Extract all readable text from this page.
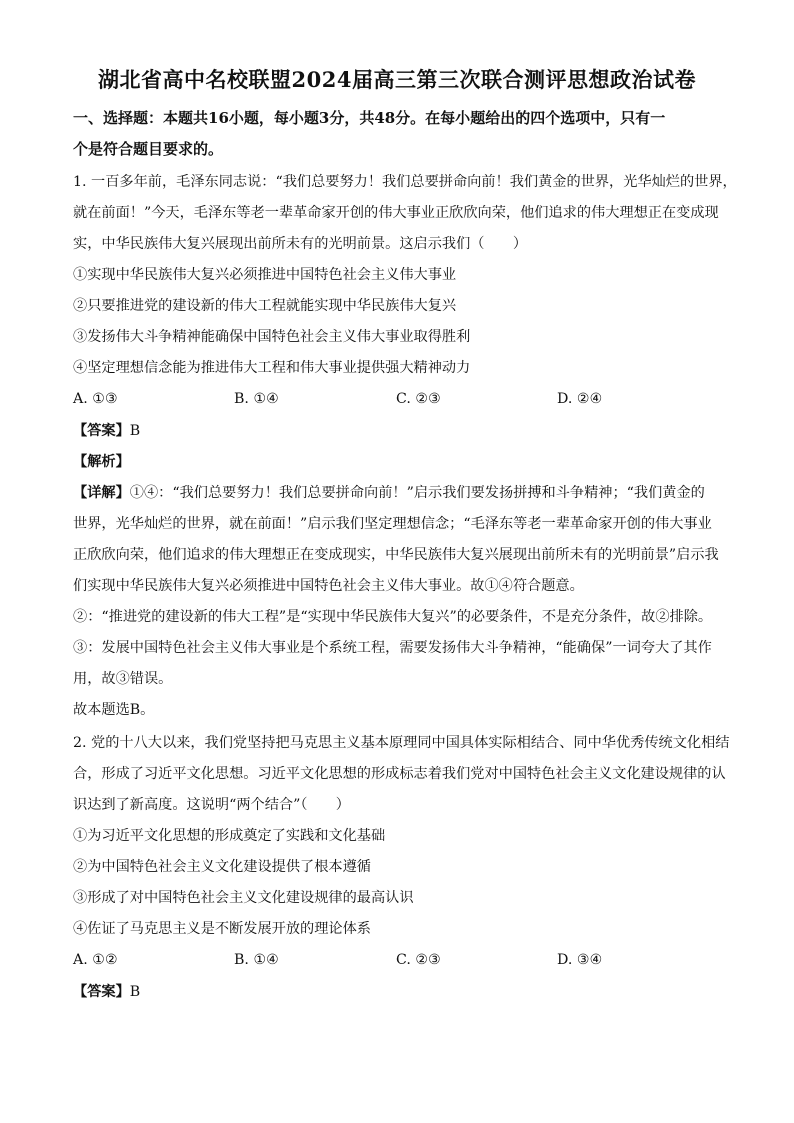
湖北省高中名校联盟2024届高三第三次联合测评思想政治试卷
一、选择题：本题共16小题，每小题3分，共48分。在每小题给出的四个选项中，只有一
个是符合题目要求的。
1. 一百多年前，毛泽东同志说：“我们总要努力！我们总要拼命向前！我们黄金的世界，光华灿烂的世界，
就在前面！”今天，毛泽东等老一辈革命家开创的伟大事业正欣欣向荣，他们追求的伟大理想正在变成现
实，中华民族伟大复兴展现出前所未有的光明前景。这启示我们（　　）
①实现中华民族伟大复兴必须推进中国特色社会主义伟大事业
②只要推进党的建设新的伟大工程就能实现中华民族伟大复兴
③发扬伟大斗争精神能确保中国特色社会主义伟大事业取得胜利
④坚定理想信念能为推进伟大工程和伟大事业提供强大精神动力
A. ①③	B. ①④	C. ②③	D. ②④
【答案】B
【解析】
【详解】①④：“我们总要努力！我们总要拼命向前！”启示我们要发扬拼搏和斗争精神；“我们黄金的
世界，光华灿烂的世界，就在前面！”启示我们坚定理想信念；“毛泽东等老一辈革命家开创的伟大事业
正欣欣向荣，他们追求的伟大理想正在变成现实，中华民族伟大复兴展现出前所未有的光明前景”启示我
们实现中华民族伟大复兴必须推进中国特色社会主义伟大事业。故①④符合题意。
②：“推进党的建设新的伟大工程”是“实现中华民族伟大复兴”的必要条件，不是充分条件，故②排除。
③：发展中国特色社会主义伟大事业是个系统工程，需要发扬伟大斗争精神，“能确保”一词夸大了其作
用，故③错误。
故本题选B。
2. 党的十八大以来，我们党坚持把马克思主义基本原理同中国具体实际相结合、同中华优秀传统文化相结
合，形成了习近平文化思想。习近平文化思想的形成标志着我们党对中国特色社会主义文化建设规律的认
识达到了新高度。这说明“两个结合”（　　）
①为习近平文化思想的形成奠定了实践和文化基础
②为中国特色社会主义文化建设提供了根本遵循
③形成了对中国特色社会主义文化建设规律的最高认识
④佐证了马克思主义是不断发展开放的理论体系
A. ①②	B. ①④	C. ②③	D. ③④
【答案】B
